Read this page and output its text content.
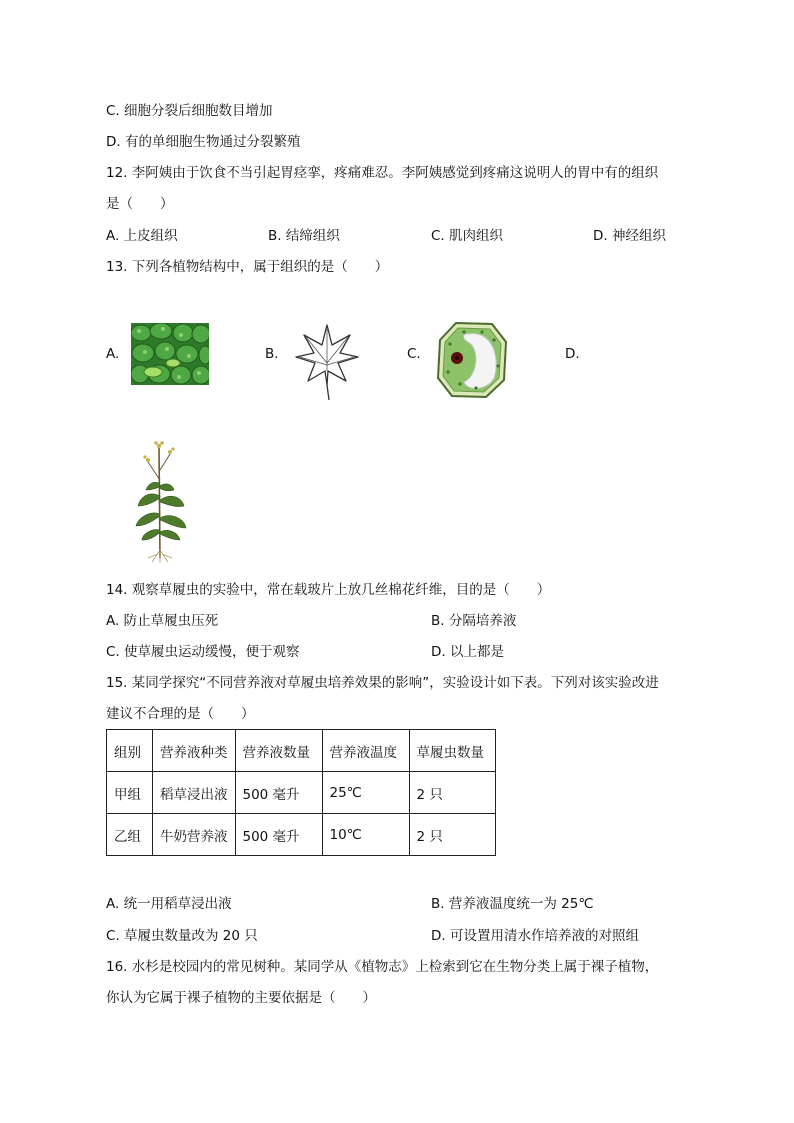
C. 细胞分裂后细胞数目增加
D. 有的单细胞生物通过分裂繁殖
12. 李阿姨由于饮食不当引起胃痉挛，疼痛难忍。李阿姨感觉到疼痛这说明人的胃中有的组织
是（　　）
A. 上皮组织	B. 结缔组织	C. 肌肉组织	D. 神经组织
13. 下列各植物结构中，属于组织的是（　　）
A.	B.	C.	D.
14. 观察草履虫的实验中，常在载玻片上放几丝棉花纤维，目的是（　　）
A. 防止草履虫压死	B. 分隔培养液
C. 使草履虫运动缓慢，便于观察	D. 以上都是
15. 某同学探究“不同营养液对草履虫培养效果的影响”，实验设计如下表。下列对该实验改进
建议不合理的是（　　）
组别	营养液种类	营养液数量	营养液温度	草履虫数量
甲组	稻草浸出液	500 毫升	25℃	2 只
乙组	牛奶营养液	500 毫升	10℃	2 只
A. 统一用稻草浸出液	B. 营养液温度统一为 25℃
C. 草履虫数量改为 20 只	D. 可设置用清水作培养液的对照组
16. 水杉是校园内的常见树种。某同学从《植物志》上检索到它在生物分类上属于裸子植物，
你认为它属于裸子植物的主要依据是（　　）
